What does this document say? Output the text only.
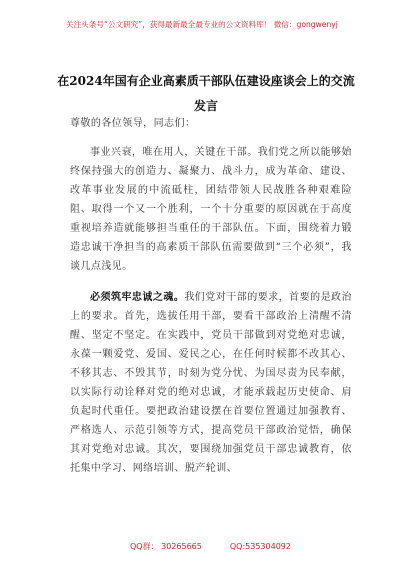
关注头条号“公文研究”，获得最新最全最专业的公文资料库！ 微信：gongwenyj
在2024年国有企业高素质干部队伍建设座谈会上的交流发言

尊敬的各位领导，同志们：

事业兴衰，唯在用人，关键在干部。我们党之所以能够始终保持强大的创造力、凝聚力、战斗力，成为革命、建设、改革事业发展的中流砥柱，团结带领人民战胜各种艰难险阻、取得一个又一个胜利，一个十分重要的原因就在于高度重视培养造就能够担当重任的干部队伍。下面，围绕着力锻造忠诚干净担当的高素质干部队伍需要做到“三个必须”，我谈几点浅见。

必须筑牢忠诚之魂。我们党对干部的要求，首要的是政治上的要求。首先，选拔任用干部，要看干部政治上清醒不清醒、坚定不坚定。在实践中，党员干部做到对党绝对忠诚，永葆一颗爱党、爱国、爱民之心，在任何时候都不改其心、不移其志、不毁其节，时刻为党分忧、为国尽责为民奉献，以实际行动诠释对党的绝对忠诚，才能承载起历史使命、肩负起时代重任。要把政治建设摆在首要位置通过加强教育、严格选人、示范引领等方式，提高党员干部政治觉悟，确保其对党绝对忠诚。其次，要围绕加强党员干部忠诚教育，依托集中学习、网络培训、脱产轮训、

QQ群： 30265665	QQ:535304092
